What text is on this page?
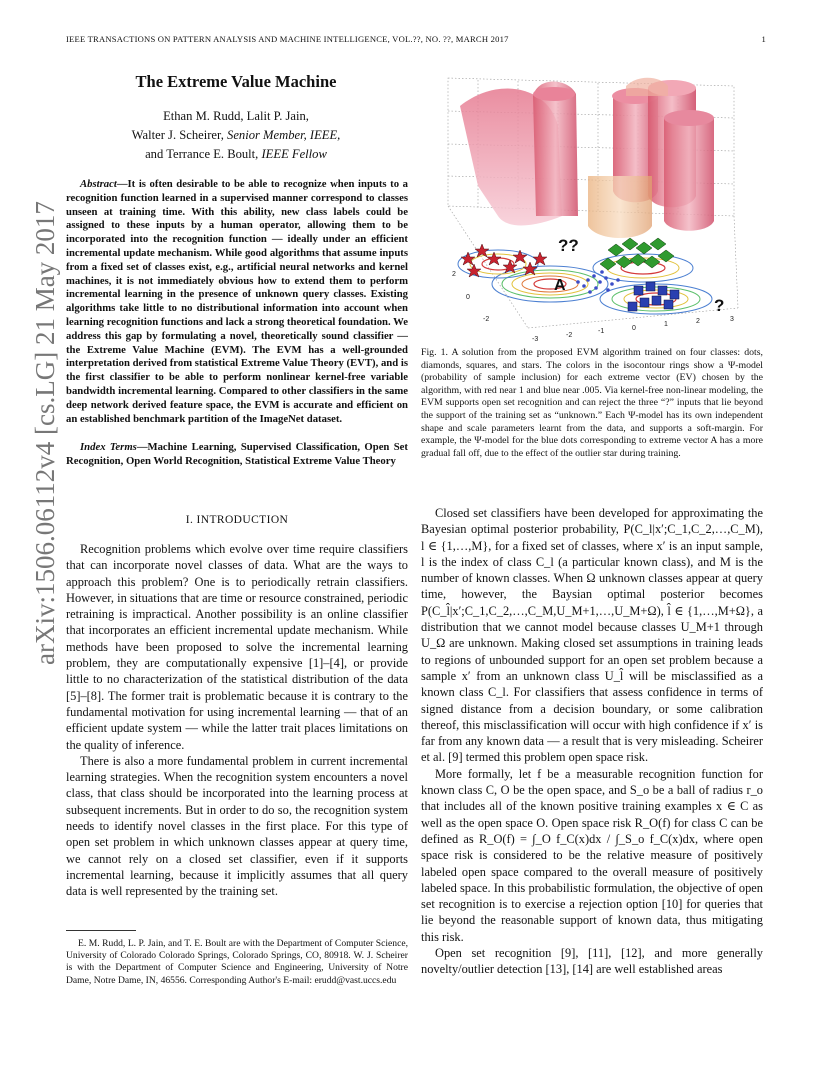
IEEE TRANSACTIONS ON PATTERN ANALYSIS AND MACHINE INTELLIGENCE, VOL.??, NO. ??, MARCH 2017	1
arXiv:1506.06112v4 [cs.LG] 21 May 2017
The Extreme Value Machine
Ethan M. Rudd, Lalit P. Jain,
Walter J. Scheirer, Senior Member, IEEE,
and Terrance E. Boult, IEEE Fellow
Abstract—It is often desirable to be able to recognize when inputs to a recognition function learned in a supervised manner correspond to classes unseen at training time. With this ability, new class labels could be assigned to these inputs by a human operator, allowing them to be incorporated into the recognition function — ideally under an efficient incremental update mechanism. While good algorithms that assume inputs from a fixed set of classes exist, e.g., artificial neural networks and kernel machines, it is not immediately obvious how to extend them to perform incremental learning in the presence of unknown query classes. Existing algorithms take little to no distributional information into account when learning recognition functions and lack a strong theoretical foundation. We address this gap by formulating a novel, theoretically sound classifier — the Extreme Value Machine (EVM). The EVM has a well-grounded interpretation derived from statistical Extreme Value Theory (EVT), and is the first classifier to be able to perform nonlinear kernel-free variable bandwidth incremental learning. Compared to other classifiers in the same deep network derived feature space, the EVM is accurate and efficient on an established benchmark partition of the ImageNet dataset.
Index Terms—Machine Learning, Supervised Classification, Open Set Recognition, Open World Recognition, Statistical Extreme Value Theory
I. INTRODUCTION

Recognition problems which evolve over time require classifiers that can incorporate novel classes of data. What are the ways to approach this problem? One is to periodically retrain classifiers. However, in situations that are time or resource constrained, periodic retraining is impractical. Another possibility is an online classifier that incorporates an efficient incremental update mechanism. While methods have been proposed to solve the incremental learning problem, they are computationally expensive [1]–[4], or provide little to no characterization of the statistical distribution of the data [5]–[8]. The former trait is problematic because it is contrary to the fundamental motivation for using incremental learning — that of an efficient update system — while the latter trait places limitations on the quality of inference.

There is also a more fundamental problem in current incremental learning strategies. When the recognition system encounters a novel class, that class should be incorporated into the learning process at subsequent increments. But in order to do so, the recognition system needs to identify novel classes in the first place. For this type of open set problem in which unknown classes appear at query time, we cannot rely on a closed set classifier, even if it supports incremental learning, because it implicitly assumes that all query data is well represented by the training set.

E. M. Rudd, L. P. Jain, and T. E. Boult are with the Department of Computer Science, University of Colorado Colorado Springs, Colorado Springs, CO, 80918. W. J. Scheirer is with the Department of Computer Science and Engineering, University of Notre Dame, Notre Dame, IN, 46556. Corresponding Author's E-mail: erudd@vast.uccs.edu
??
?
A
2
0
-2
-3
-2
-1	0
1	2	3
Fig. 1. A solution from the proposed EVM algorithm trained on four classes: dots, diamonds, squares, and stars. The colors in the isocontour rings show a Ψ-model (probability of sample inclusion) for each extreme vector (EV) chosen by the algorithm, with red near 1 and blue near .005. Via kernel-free non-linear modeling, the EVM supports open set recognition and can reject the three “?” inputs that lie beyond the support of the training set as “unknown.” Each Ψ-model has its own independent shape and scale parameters learnt from the data, and supports a soft-margin. For example, the Ψ-model for the blue dots corresponding to extreme vector A has a more gradual fall off, due to the effect of the outlier star during training.

Closed set classifiers have been developed for approximating the Bayesian optimal posterior probability, P(C_l|x′;C_1,C_2,…,C_M), l ∈ {1,…,M}, for a fixed set of classes, where x′ is an input sample, l is the index of class C_l (a particular known class), and M is the number of known classes. When Ω unknown classes appear at query time, however, the Baysian optimal posterior becomes P(C_l̂|x′;C_1,C_2,…,C_M,U_M+1,…,U_M+Ω), l̂ ∈ {1,…,M+Ω}, a distribution that we cannot model because classes U_M+1 through U_Ω are unknown. Making closed set assumptions in training leads to regions of unbounded support for an open set problem because a sample x′ from an unknown class U_l̂ will be misclassified as a known class C_l. For classifiers that assess confidence in terms of signed distance from a decision boundary, or some calibration thereof, this misclassification will occur with high confidence if x′ is far from any known data — a result that is very misleading. Scheirer et al. [9] termed this problem open space risk.

More formally, let f be a measurable recognition function for known class C, O be the open space, and S_o be a ball of radius r_o that includes all of the known positive training examples x ∈ C as well as the open space O. Open space risk R_O(f) for class C can be defined as R_O(f) = ∫_O f_C(x)dx / ∫_S_o f_C(x)dx, where open space risk is considered to be the relative measure of positively labeled open space compared to the overall measure of positively labeled space. In this probabilistic formulation, the objective of open set recognition is to exercise a rejection option [10] for queries that lie beyond the reasonable support of known data, thus mitigating this risk.

Open set recognition [9], [11], [12], and more generally novelty/outlier detection [13], [14] are well established areas
